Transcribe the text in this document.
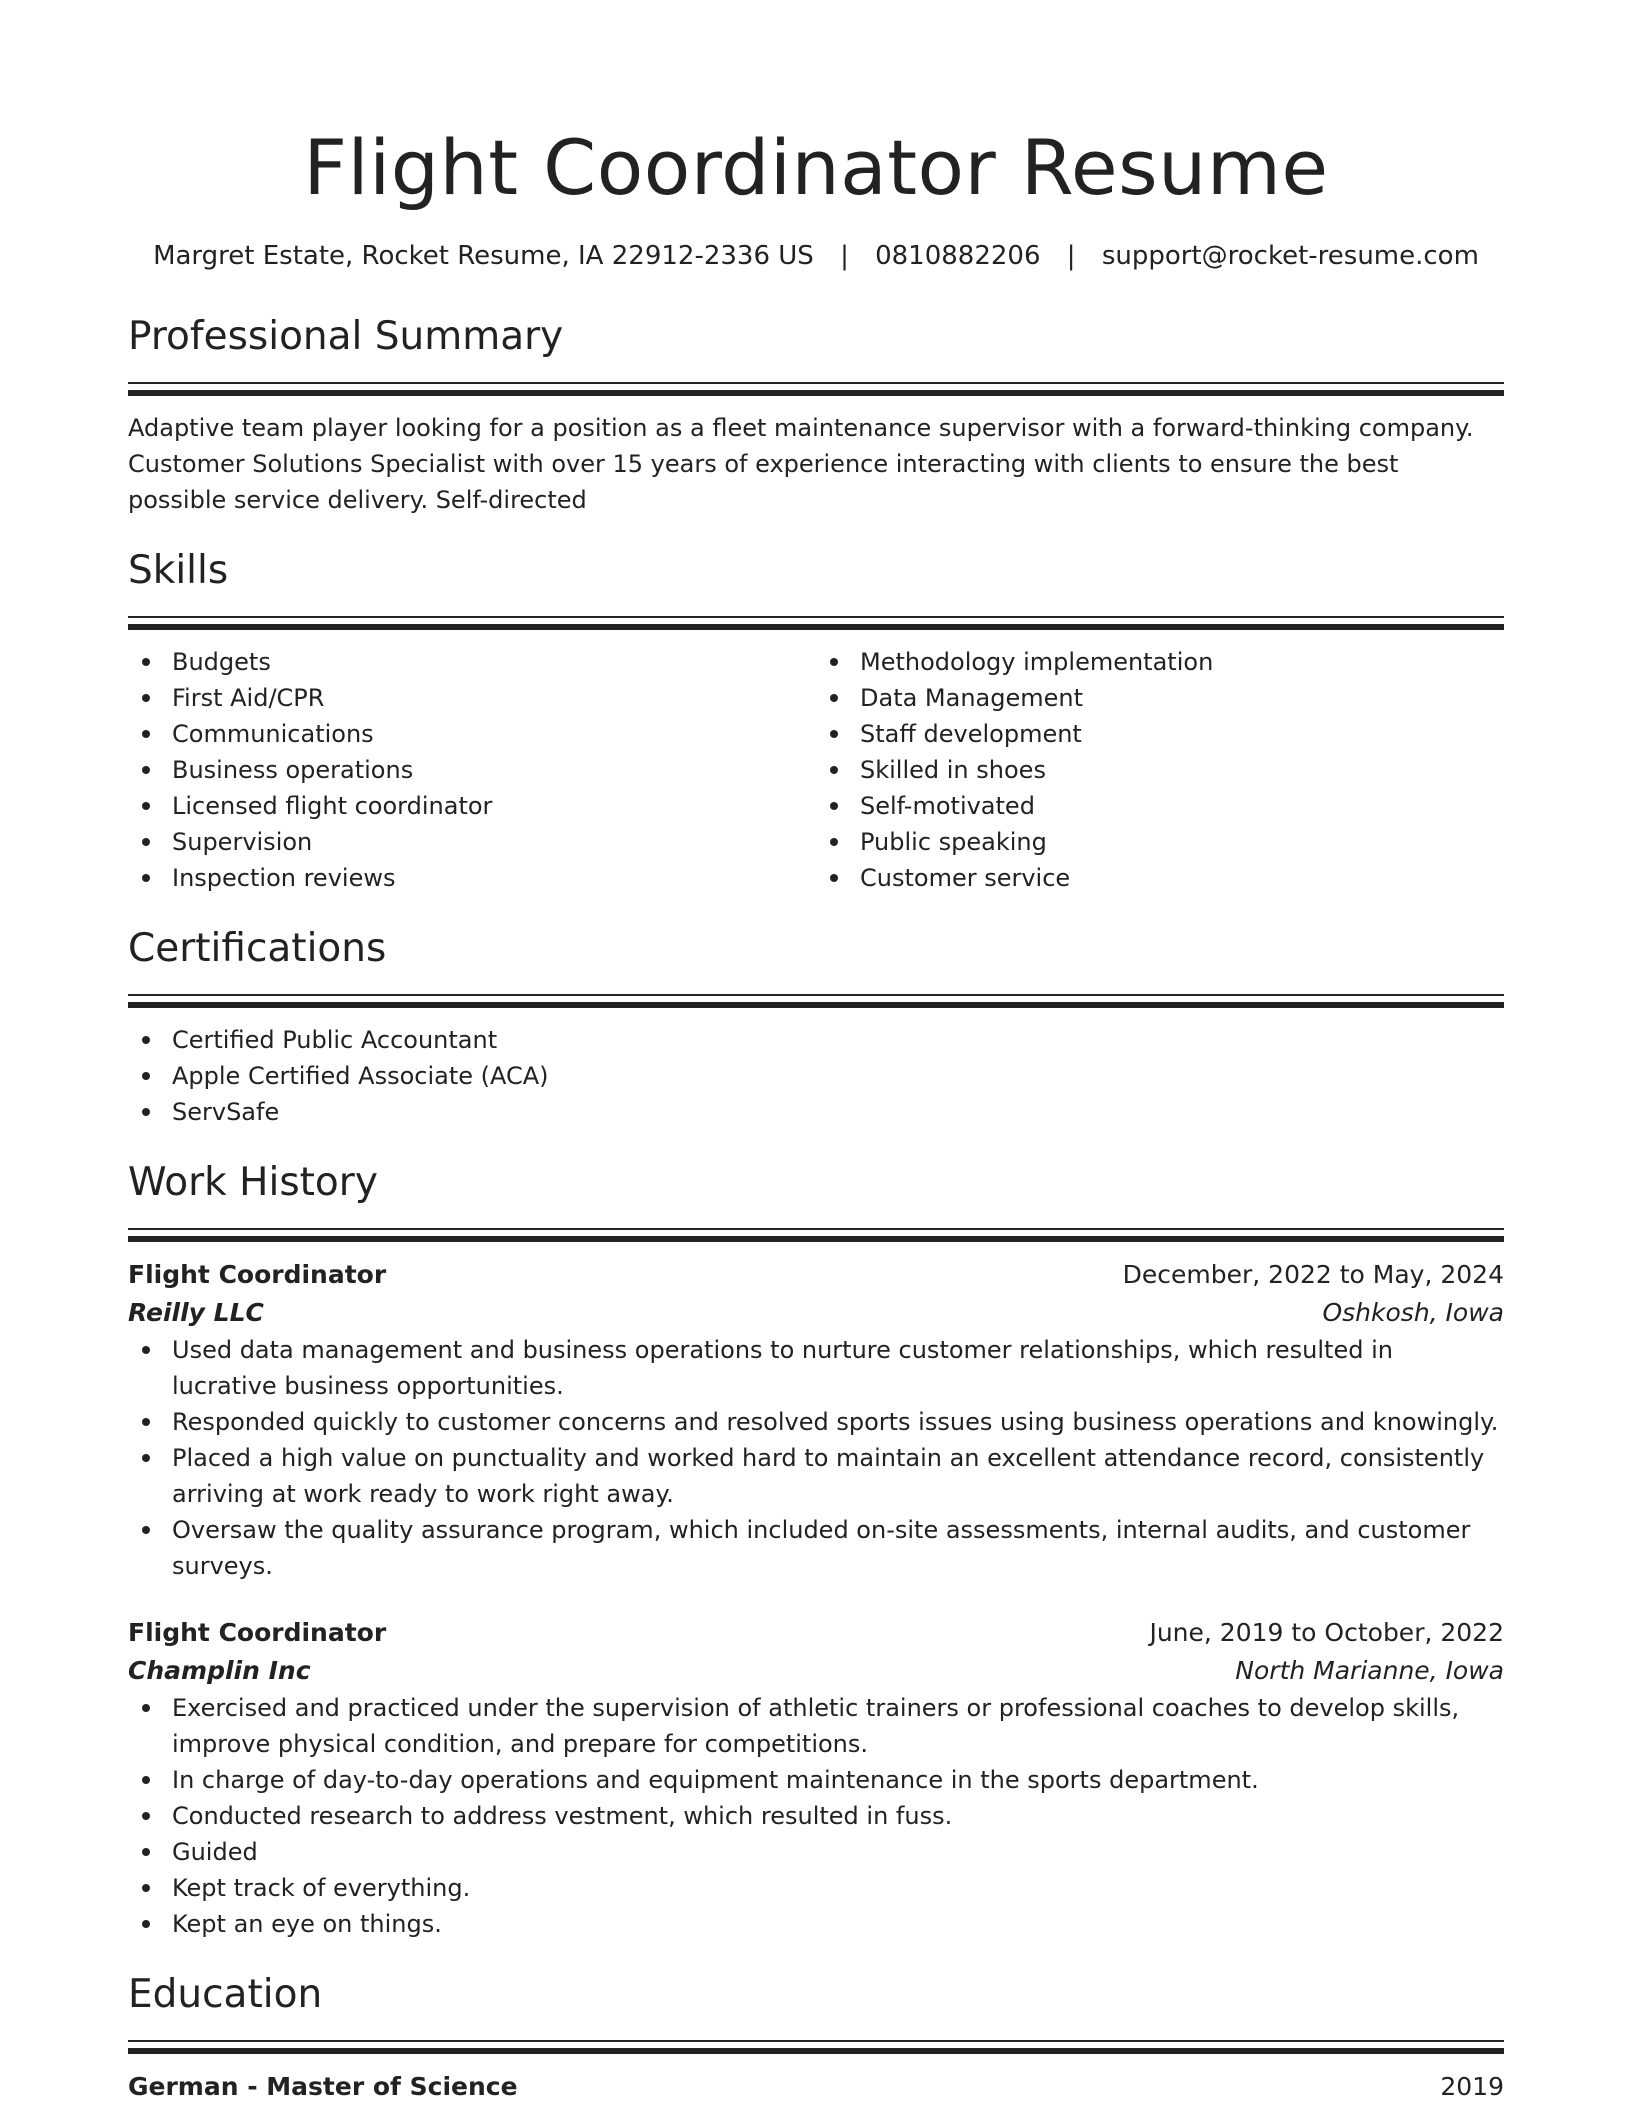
Flight Coordinator Resume
Margret Estate, Rocket Resume, IA 22912-2336 US | 0810882206 | support@rocket-resume.com
Professional Summary

Adaptive team player looking for a position as a fleet maintenance supervisor with a forward-thinking company. Customer Solutions Specialist with over 15 years of experience interacting with clients to ensure the best possible service delivery. Self-directed

Skills
Budgets
First Aid/CPR
Communications
Business operations
Licensed flight coordinator
Supervision
Inspection reviews
Methodology implementation
Data Management
Staff development
Skilled in shoes
Self-motivated
Public speaking
Customer service
Certifications
Certified Public Accountant
Apple Certified Associate (ACA)
ServSafe
Work History
Flight Coordinator	December, 2022 to May, 2024
Reilly LLC	Oshkosh, Iowa
Used data management and business operations to nurture customer relationships, which resulted in lucrative business opportunities.
Responded quickly to customer concerns and resolved sports issues using business operations and knowingly.
Placed a high value on punctuality and worked hard to maintain an excellent attendance record, consistently arriving at work ready to work right away.
Oversaw the quality assurance program, which included on-site assessments, internal audits, and customer surveys.
Flight Coordinator	June, 2019 to October, 2022
Champlin Inc	North Marianne, Iowa
Exercised and practiced under the supervision of athletic trainers or professional coaches to develop skills, improve physical condition, and prepare for competitions.
In charge of day-to-day operations and equipment maintenance in the sports department.
Conducted research to address vestment, which resulted in fuss.
Guided
Kept track of everything.
Kept an eye on things.
Education
German - Master of Science	2019
